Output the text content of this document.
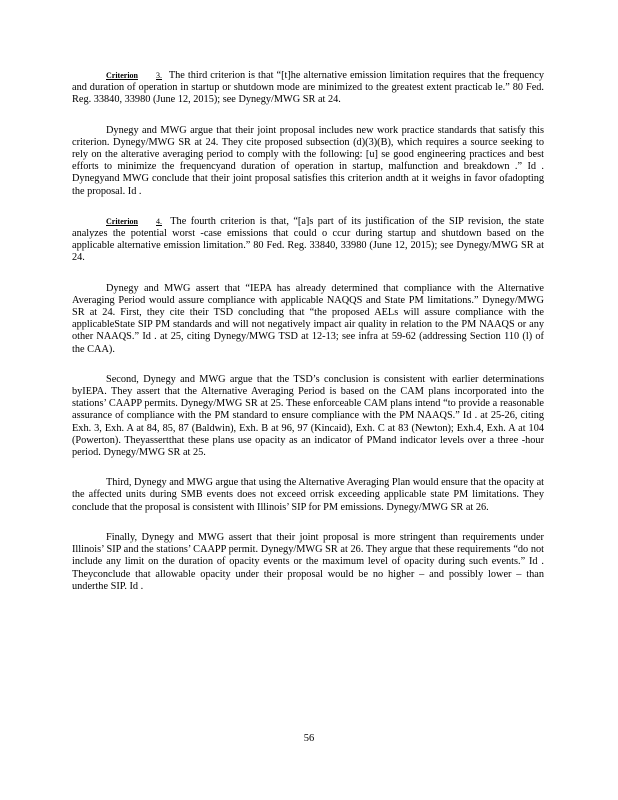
Criterion 3. The third criterion is that “[t]he alternative emission limitation requires that the frequency and duration of operation in startup or shutdown mode are minimized to the greatest extent practicab le.” 80 Fed. Reg. 33840, 33980 (June 12, 2015); see Dynegy/MWG SR at 24.

Dynegy and MWG argue that their joint proposal includes new work practice standards that satisfy this criterion. Dynegy/MWG SR at 24. They cite proposed subsection (d)(3)(B), which requires a source seeking to rely on the alterative averaging period to comply with the following: [u] se good engineering practices and best efforts to minimize the frequencyand duration of operation in startup, malfunction and breakdown .” Id . Dynegyand MWG conclude that their joint proposal satisfies this criterion andth at it weighs in favor ofadopting the proposal. Id .

Criterion 4. The fourth criterion is that, “[a]s part of its justification of the SIP revision, the state analyzes the potential worst -case emissions that could o ccur during startup and shutdown based on the applicable alternative emission limitation.” 80 Fed. Reg. 33840, 33980 (June 12, 2015); see Dynegy/MWG SR at 24.

Dynegy and MWG assert that “IEPA has already determined that compliance with the Alternative Averaging Period would assure compliance with applicable NAQQS and State PM limitations.” Dynegy/MWG SR at 24. First, they cite their TSD concluding that “the proposed AELs will assure compliance with the applicableState SIP PM standards and will not negatively impact air quality in relation to the PM NAAQS or any other NAAQS.” Id . at 25, citing Dynegy/MWG TSD at 12-13; see infra at 59-62 (addressing Section 110 (l) of the CAA).

Second, Dynegy and MWG argue that the TSD’s conclusion is consistent with earlier determinations byIEPA. They assert that the Alternative Averaging Period is based on the CAM plans incorporated into the stations’ CAAPP permits. Dynegy/MWG SR at 25. These enforceable CAM plans intend “to provide a reasonable assurance of compliance with the PM standard to ensure compliance with the PM NAAQS.” Id . at 25-26, citing Exh. 3, Exh. A at 84, 85, 87 (Baldwin), Exh. B at 96, 97 (Kincaid), Exh. C at 83 (Newton); Exh.4, Exh. A at 104 (Powerton). Theyassertthat these plans use opacity as an indicator of PMand indicator levels over a three -hour period. Dynegy/MWG SR at 25.

Third, Dynegy and MWG argue that using the Alternative Averaging Plan would ensure that the opacity at the affected units during SMB events does not exceed orrisk exceeding applicable state PM limitations. They conclude that the proposal is consistent with Illinois’ SIP for PM emissions. Dynegy/MWG SR at 26.

Finally, Dynegy and MWG assert that their joint proposal is more stringent than requirements under Illinois’ SIP and the stations’ CAAPP permit. Dynegy/MWG SR at 26. They argue that these requirements “do not include any limit on the duration of opacity events or the maximum level of opacity during such events.” Id . Theyconclude that allowable opacity under their proposal would be no higher – and possibly lower – than underthe SIP. Id .

56
